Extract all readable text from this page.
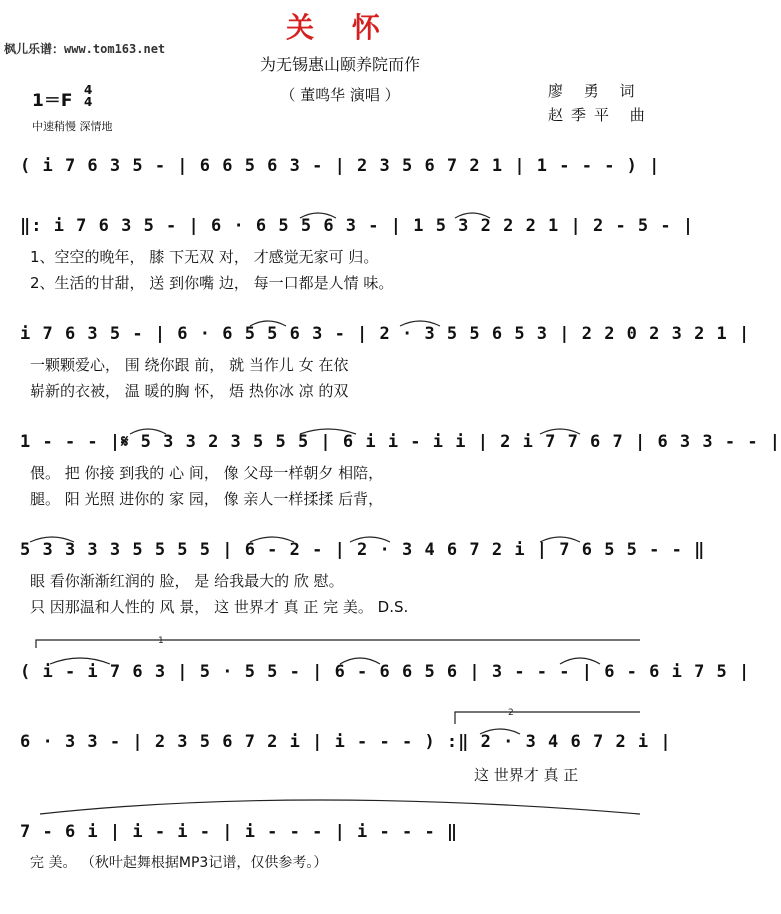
枫儿乐谱：www.tom163.net
关 怀
为无锡惠山颐养院而作
（ 董鸣华 演唱 ）	廖 勇 词
赵季平 曲
1＝F
4
4
中速稍慢 深情地
( i 7 6 3 5 - | 6 6 5 6 3 - | 2 3 5 6 7 2 1 | 1 - - - ) |
‖: i 7 6 3 5 - | 6 · 6 5 5 6 3 - | 1 5 3 2 2 2 1 | 2 - 5 - |
1、空空的晚年， 膝 下无双 对， 才感觉无家可 归。
2、生活的甘甜， 送 到你嘴 边， 每一口都是人情 味。
i 7 6 3 5 - | 6 · 6 5 5 6 3 - | 2 · 3 5 5 6 5 3 | 2 2 0 2 3 2 1 |
一颗颗爱心， 围 绕你跟 前， 就 当作儿 女 在依
崭新的衣被， 温 暖的胸 怀， 焐 热你冰 凉 的双
1 - - - |𝄋 5 3 3 2 3 5 5 5 | 6 i i - i i | 2 i 7 7 6 7 | 6 3 3 - - |
偎。 把 你接 到我的 心 间， 像 父母一样朝夕 相陪，
腿。 阳 光照 进你的 家 园， 像 亲人一样揉揉 后背，
5 3 3 3 3 5 5 5 5 | 6 - 2 - | 2 · 3 4 6 7 2 i | 7 6 5 5 - - ‖
眼 看你渐渐红润的 脸， 是 给我最大的 欣 慰。
只 因那温和人性的 风 景， 这 世界才 真 正 完 美。 D.S.
( i - i 7 6 3 | 5 · 5 5 - | 6 - 6 6 5 6 | 3 - - - | 6 - 6 i 7 5 |
6 · 3 3 - | 2 3 5 6 7 2 i | i - - - ) :‖ 2 · 3 4 6 7 2 i |
这 世界才 真 正
7 - 6 i | i - i - | i - - - | i - - - ‖
完 美。 （秋叶起舞根据MP3记谱，仅供参考。）
1
2
